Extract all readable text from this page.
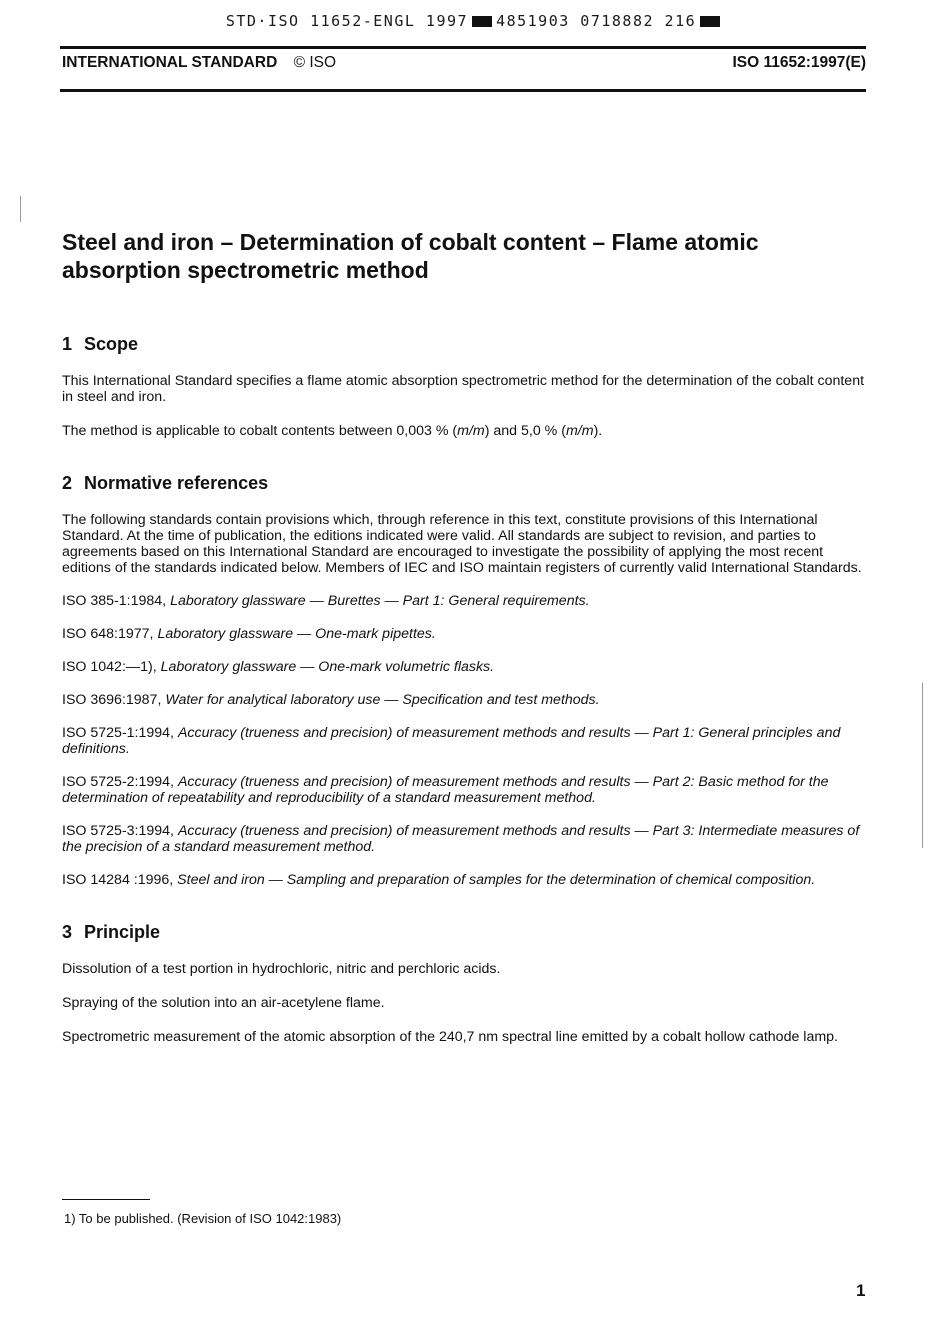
STD·ISO 11652-ENGL 1997 4851903 0718882 216
INTERNATIONAL STANDARD © ISO	ISO 11652:1997(E)
Steel and iron – Determination of cobalt content – Flame atomic absorption spectrometric method
1 Scope

This International Standard specifies a flame atomic absorption spectrometric method for the determination of the cobalt content in steel and iron.

The method is applicable to cobalt contents between 0,003 % (m/m) and 5,0 % (m/m).

2 Normative references

The following standards contain provisions which, through reference in this text, constitute provisions of this International Standard. At the time of publication, the editions indicated were valid. All standards are subject to revision, and parties to agreements based on this International Standard are encouraged to investigate the possibility of applying the most recent editions of the standards indicated below. Members of IEC and ISO maintain registers of currently valid International Standards.

ISO 385-1:1984, Laboratory glassware — Burettes — Part 1: General requirements.

ISO 648:1977, Laboratory glassware — One-mark pipettes.

ISO 1042:—1), Laboratory glassware — One-mark volumetric flasks.

ISO 3696:1987, Water for analytical laboratory use — Specification and test methods.

ISO 5725-1:1994, Accuracy (trueness and precision) of measurement methods and results — Part 1: General principles and definitions.

ISO 5725-2:1994, Accuracy (trueness and precision) of measurement methods and results — Part 2: Basic method for the determination of repeatability and reproducibility of a standard measurement method.

ISO 5725-3:1994, Accuracy (trueness and precision) of measurement methods and results — Part 3: Intermediate measures of the precision of a standard measurement method.

ISO 14284 :1996, Steel and iron — Sampling and preparation of samples for the determination of chemical composition.

3 Principle

Dissolution of a test portion in hydrochloric, nitric and perchloric acids.

Spraying of the solution into an air-acetylene flame.

Spectrometric measurement of the atomic absorption of the 240,7 nm spectral line emitted by a cobalt hollow cathode lamp.

1) To be published. (Revision of ISO 1042:1983)
1
